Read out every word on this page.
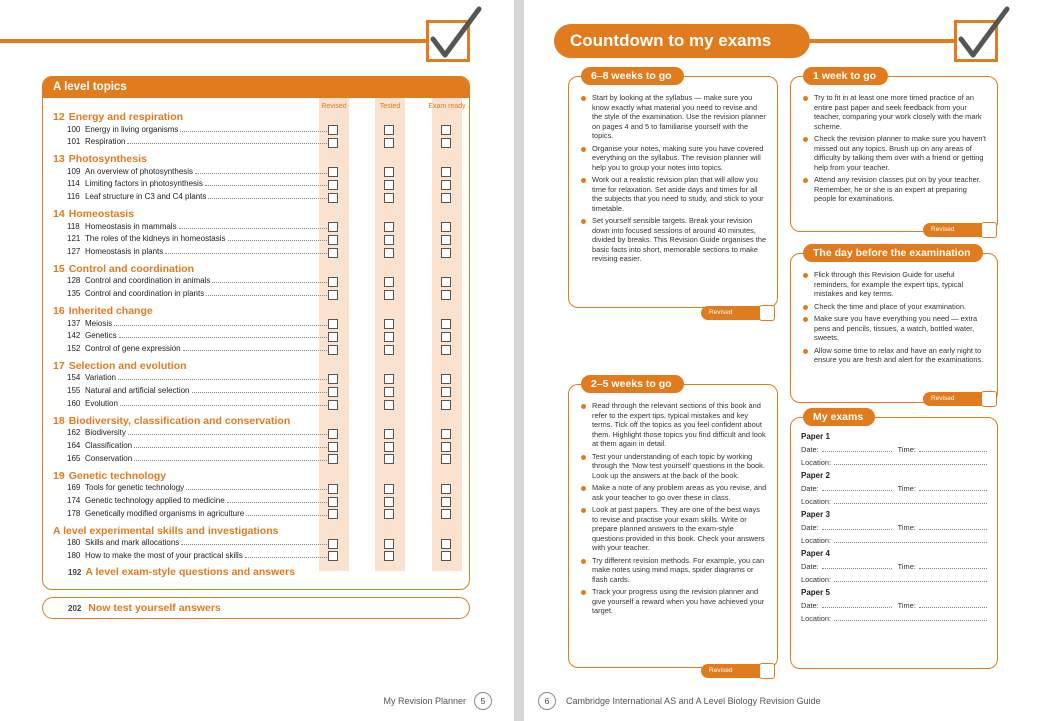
A level topics
Revised	Tested	Exam ready
12 Energy and respiration
100 Energy in living organisms
101 Respiration
13 Photosynthesis
109 An overview of photosynthesis
114 Limiting factors in photosynthesis
116 Leaf structure in C3 and C4 plants
14 Homeostasis
118 Homeostasis in mammals
121 The roles of the kidneys in homeostasis
127 Homeostasis in plants
15 Control and coordination
128 Control and coordination in animals
135 Control and coordination in plants
16 Inherited change
137 Meiosis
142 Genetics
152 Control of gene expression
17 Selection and evolution
154 Variation
155 Natural and artificial selection
160 Evolution
18 Biodiversity, classification and conservation
162 Biodiversity
164 Classification
165 Conservation
19 Genetic technology
169 Tools for genetic technology
174 Genetic technology applied to medicine
178 Genetically modified organisms in agriculture
A level experimental skills and investigations
180 Skills and mark allocations
180 How to make the most of your practical skills
192 A level exam-style questions and answers
202 Now test yourself answers
My Revision Planner	5
Countdown to my exams
6–8 weeks to go
Start by looking at the syllabus — make sure you know exactly what material you need to revise and the style of the examination. Use the revision planner on pages 4 and 5 to familiarise yourself with the topics.
Organise your notes, making sure you have covered everything on the syllabus. The revision planner will help you to group your notes into topics.
Work out a realistic revision plan that will allow you time for relaxation. Set aside days and times for all the subjects that you need to study, and stick to your timetable.
Set yourself sensible targets. Break your revision down into focused sessions of around 40 minutes, divided by breaks. This Revision Guide organises the basic facts into short, memorable sections to make revising easier.
Revised
2–5 weeks to go
Read through the relevant sections of this book and refer to the expert tips, typical mistakes and key terms. Tick off the topics as you feel confident about them. Highlight those topics you find difficult and look at them again in detail.
Test your understanding of each topic by working through the 'Now test yourself' questions in the book. Look up the answers at the back of the book.
Make a note of any problem areas as you revise, and ask your teacher to go over these in class.
Look at past papers. They are one of the best ways to revise and practise your exam skills. Write or prepare planned answers to the exam-style questions provided in this book. Check your answers with your teacher.
Try different revision methods. For example, you can make notes using mind maps, spider diagrams or flash cards.
Track your progress using the revision planner and give yourself a reward when you have achieved your target.
Revised
1 week to go
Try to fit in at least one more timed practice of an entire past paper and seek feedback from your teacher, comparing your work closely with the mark scheme.
Check the revision planner to make sure you haven't missed out any topics. Brush up on any areas of difficulty by talking them over with a friend or getting help from your teacher.
Attend any revision classes put on by your teacher. Remember, he or she is an expert at preparing people for examinations.
Revised
The day before the examination
Flick through this Revision Guide for useful reminders, for example the expert tips, typical mistakes and key terms.
Check the time and place of your examination.
Make sure you have everything you need — extra pens and pencils, tissues, a watch, bottled water, sweets.
Allow some time to relax and have an early night to ensure you are fresh and alert for the examinations.
Revised
My exams
Paper 1
Date:	Time:
Location:
Paper 2
Date:	Time:
Location:
Paper 3
Date:	Time:
Location:
Paper 4
Date:	Time:
Location:
Paper 5
Date:	Time:
Location:
6	Cambridge International AS and A Level Biology Revision Guide
